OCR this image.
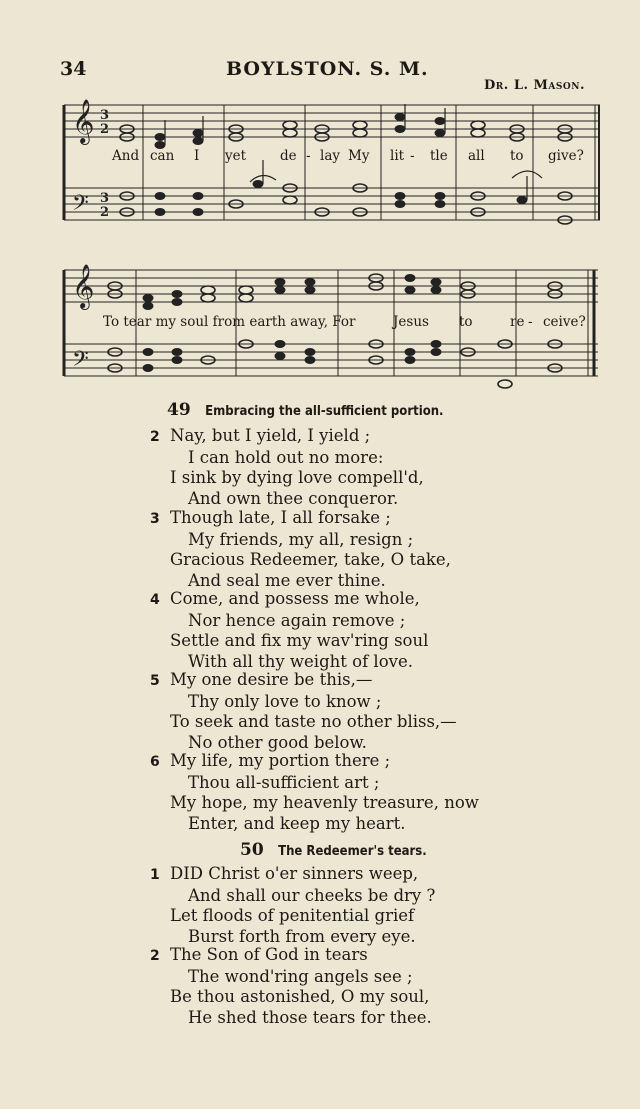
34	BOYLSTON. S. M.
Dr. L. Mason.
𝄞
𝄢
𝄞
𝄢
3
2
3
2
And can I yet	de - lay My lit - tle all to give?
To tear my soul from earth away, For	Jesus to	re - ceive?
49 Embracing the all-sufficient portion.
2 Nay, but I yield, I yield ;
I can hold out no more:
I sink by dying love compell'd,
And own thee conqueror.
3 Though late, I all forsake ;
My friends, my all, resign ;
Gracious Redeemer, take, O take,
And seal me ever thine.
4 Come, and possess me whole,
Nor hence again remove ;
Settle and fix my wav'ring soul
With all thy weight of love.
5 My one desire be this,—
Thy only love to know ;
To seek and taste no other bliss,—
No other good below.
6 My life, my portion there ;
Thou all-sufficient art ;
My hope, my heavenly treasure, now
Enter, and keep my heart.
50 The Redeemer's tears.
1 DID Christ o'er sinners weep,
And shall our cheeks be dry ?
Let floods of penitential grief
Burst forth from every eye.
2 The Son of God in tears
The wond'ring angels see ;
Be thou astonished, O my soul,
He shed those tears for thee.
